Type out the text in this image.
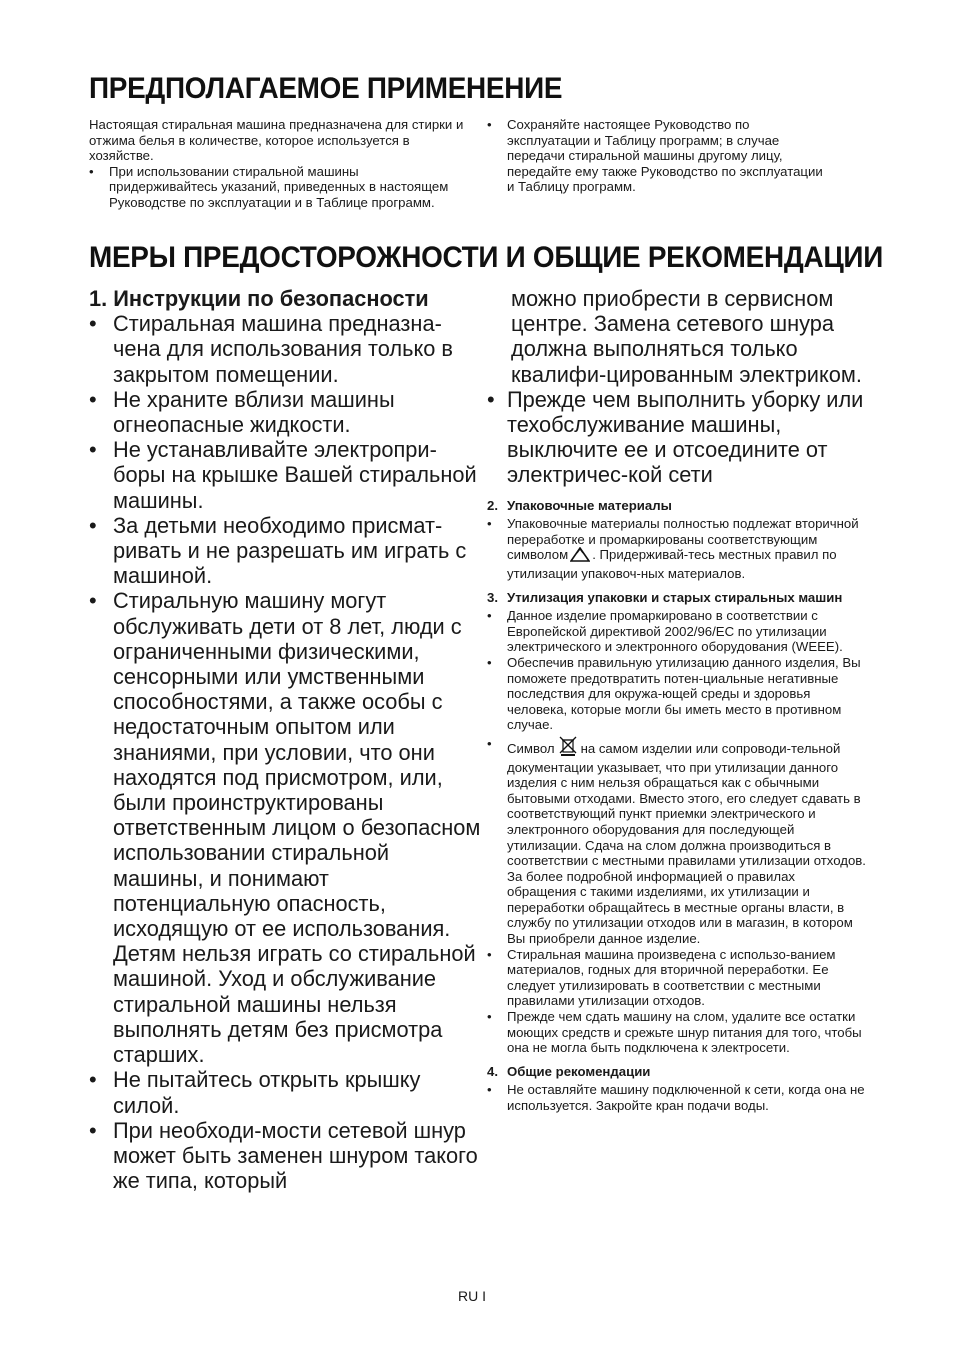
ПРЕДПОЛАГАЕМОЕ ПРИМЕНЕНИЕ

Настоящая стиральная машина предназначена для стирки и отжима белья в количестве, которое используется в хозяйстве.

•	При использовании стиральной машины придерживайтесь указаний, приведенных в настоящем Руководстве по эксплуатации и в Таблице программ.
•	Сохраняйте настоящее Руководство по эксплуатации и Таблицу программ; в случае передачи стиральной машины другому лицу, передайте ему также Руководство по эксплуатации и Таблицу программ.
МЕРЫ ПРЕДОСТОРОЖНОСТИ И ОБЩИЕ РЕКОМЕНДАЦИИ
1. Инструкции по безопасности
• Стиральная машина предназна-чена для использования только в закрытом помещении.
• Не храните вблизи машины огнеопасные жидкости.
• Не устанавливайте электропри-боры на крышке Вашей стиральной машины.
• За детьми необходимо присмат-ривать и не разрешать им играть с машиной.
• Стиральную машину могут обслуживать дети от 8 лет, люди с ограниченными физическими, сенсорными или умственными способностями, а также особы с недостаточным опытом или знаниями, при условии, что они находятся под присмотром, или, были проинструктированы ответственным лицом о безопасном использовании стиральной машины, и понимают потенциальную опасность, исходящую от ее использования. Детям нельзя играть со стиральной машиной. Уход и обслуживание стиральной машины нельзя выполнять детям без присмотра старших.
• Не пытайтесь открыть крышку силой.
• При необходи-мости сетевой шнур может быть заменен шнуром такого же типа, который
можно приобрести в сервисном центре. Замена сетевого шнура должна выполняться только квалифи-цированным электриком.
• Прежде чем выполнить уборку или техобслуживание машины, выключите ее и отсоедините от электричес-кой сети
2. Упаковочные материалы
•	Упаковочные материалы полностью подлежат вторичной переработке и промаркированы соответствующим символом . Придерживай-тесь местных правил по утилизации упаковоч-ных материалов.
3. Утилизация упаковки и старых стиральных машин
•	Данное изделие промаркировано в соответствии с Европейской директивой 2002/96/EC по утилизации электрического и электронного оборудования (WEEE).
•	Обеспечив правильную утилизацию данного изделия, Вы поможете предотвратить потен-циальные негативные последствия для окружа-ющей среды и здоровья человека, которые могли бы иметь место в противном случае.
•	Символ на самом изделии или сопроводи-тельной документации указывает, что при утилизации данного изделия с ним нельзя обращаться как с обычными бытовыми отходами. Вместо этого, его следует сдавать в соответствующий пункт приемки электрического и электронного оборудования для последующей утилизации. Сдача на слом должна производиться в соответствии с местными правилами утилизации отходов. За более подробной информацией о правилах обращения с такими изделиями, их утилизации и переработки обращайтесь в местные органы власти, в службу по утилизации отходов или в магазин, в котором Вы приобрели данное изделие.
•	Стиральная машина произведена с использо-ванием материалов, годных для вторичной переработки. Ее следует утилизировать в соответствии с местными правилами утилизации отходов.
•	Прежде чем сдать машину на слом, удалите все остатки моющих средств и срежьте шнур питания для того, чтобы она не могла быть подключена к электросети.
4. Общие рекомендации
•	Не оставляйте машину подключенной к сети, когда она не используется. Закройте кран подачи воды.
RU I
